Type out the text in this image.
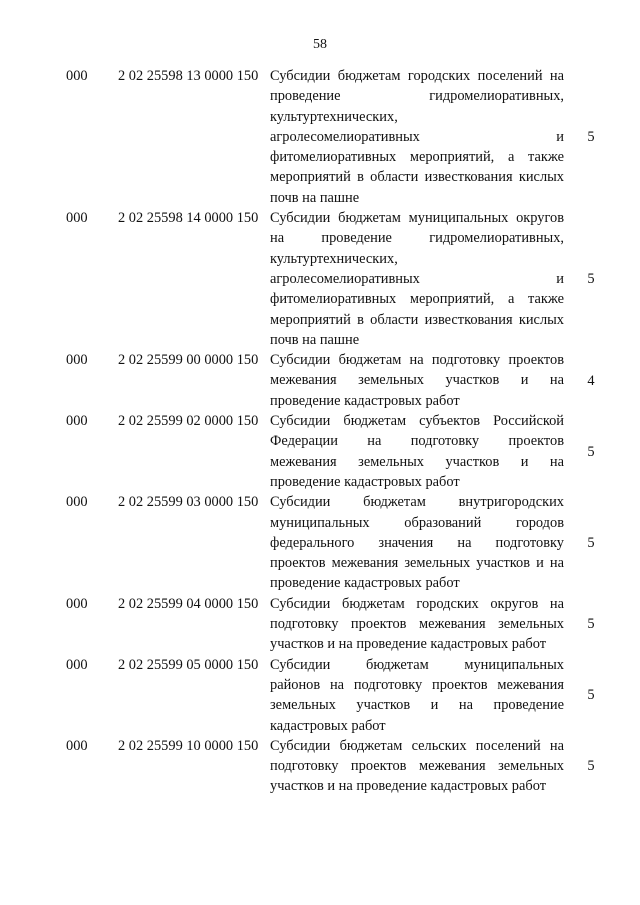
58
000 2 02 25598 13 0000 150 Субсидии бюджетам городских поселений на
проведение гидромелиоративных,
культуртехнических,
агролесомелиоративных и
фитомелиоративных мероприятий, а также
мероприятий в области известкования кислых
почв на пашне
5
000 2 02 25598 14 0000 150 Субсидии бюджетам муниципальных округов
на проведение гидромелиоративных,
культуртехнических,
агролесомелиоративных и
фитомелиоративных мероприятий, а также
мероприятий в области известкования кислых
почв на пашне
5
000 2 02 25599 00 0000 150 Субсидии бюджетам на подготовку проектов
межевания земельных участков и на
проведение кадастровых работ
4
000 2 02 25599 02 0000 150 Субсидии бюджетам субъектов Российской
Федерации на подготовку проектов
межевания земельных участков и на
проведение кадастровых работ
5
000 2 02 25599 03 0000 150 Субсидии бюджетам внутригородских
муниципальных образований городов
федерального значения на подготовку
проектов межевания земельных участков и на
проведение кадастровых работ
5
000 2 02 25599 04 0000 150 Субсидии бюджетам городских округов на
подготовку проектов межевания земельных
участков и на проведение кадастровых работ
5
000 2 02 25599 05 0000 150 Субсидии бюджетам муниципальных
районов на подготовку проектов межевания
земельных участков и на проведение
кадастровых работ
5
000 2 02 25599 10 0000 150 Субсидии бюджетам сельских поселений на
подготовку проектов межевания земельных
участков и на проведение кадастровых работ
5
